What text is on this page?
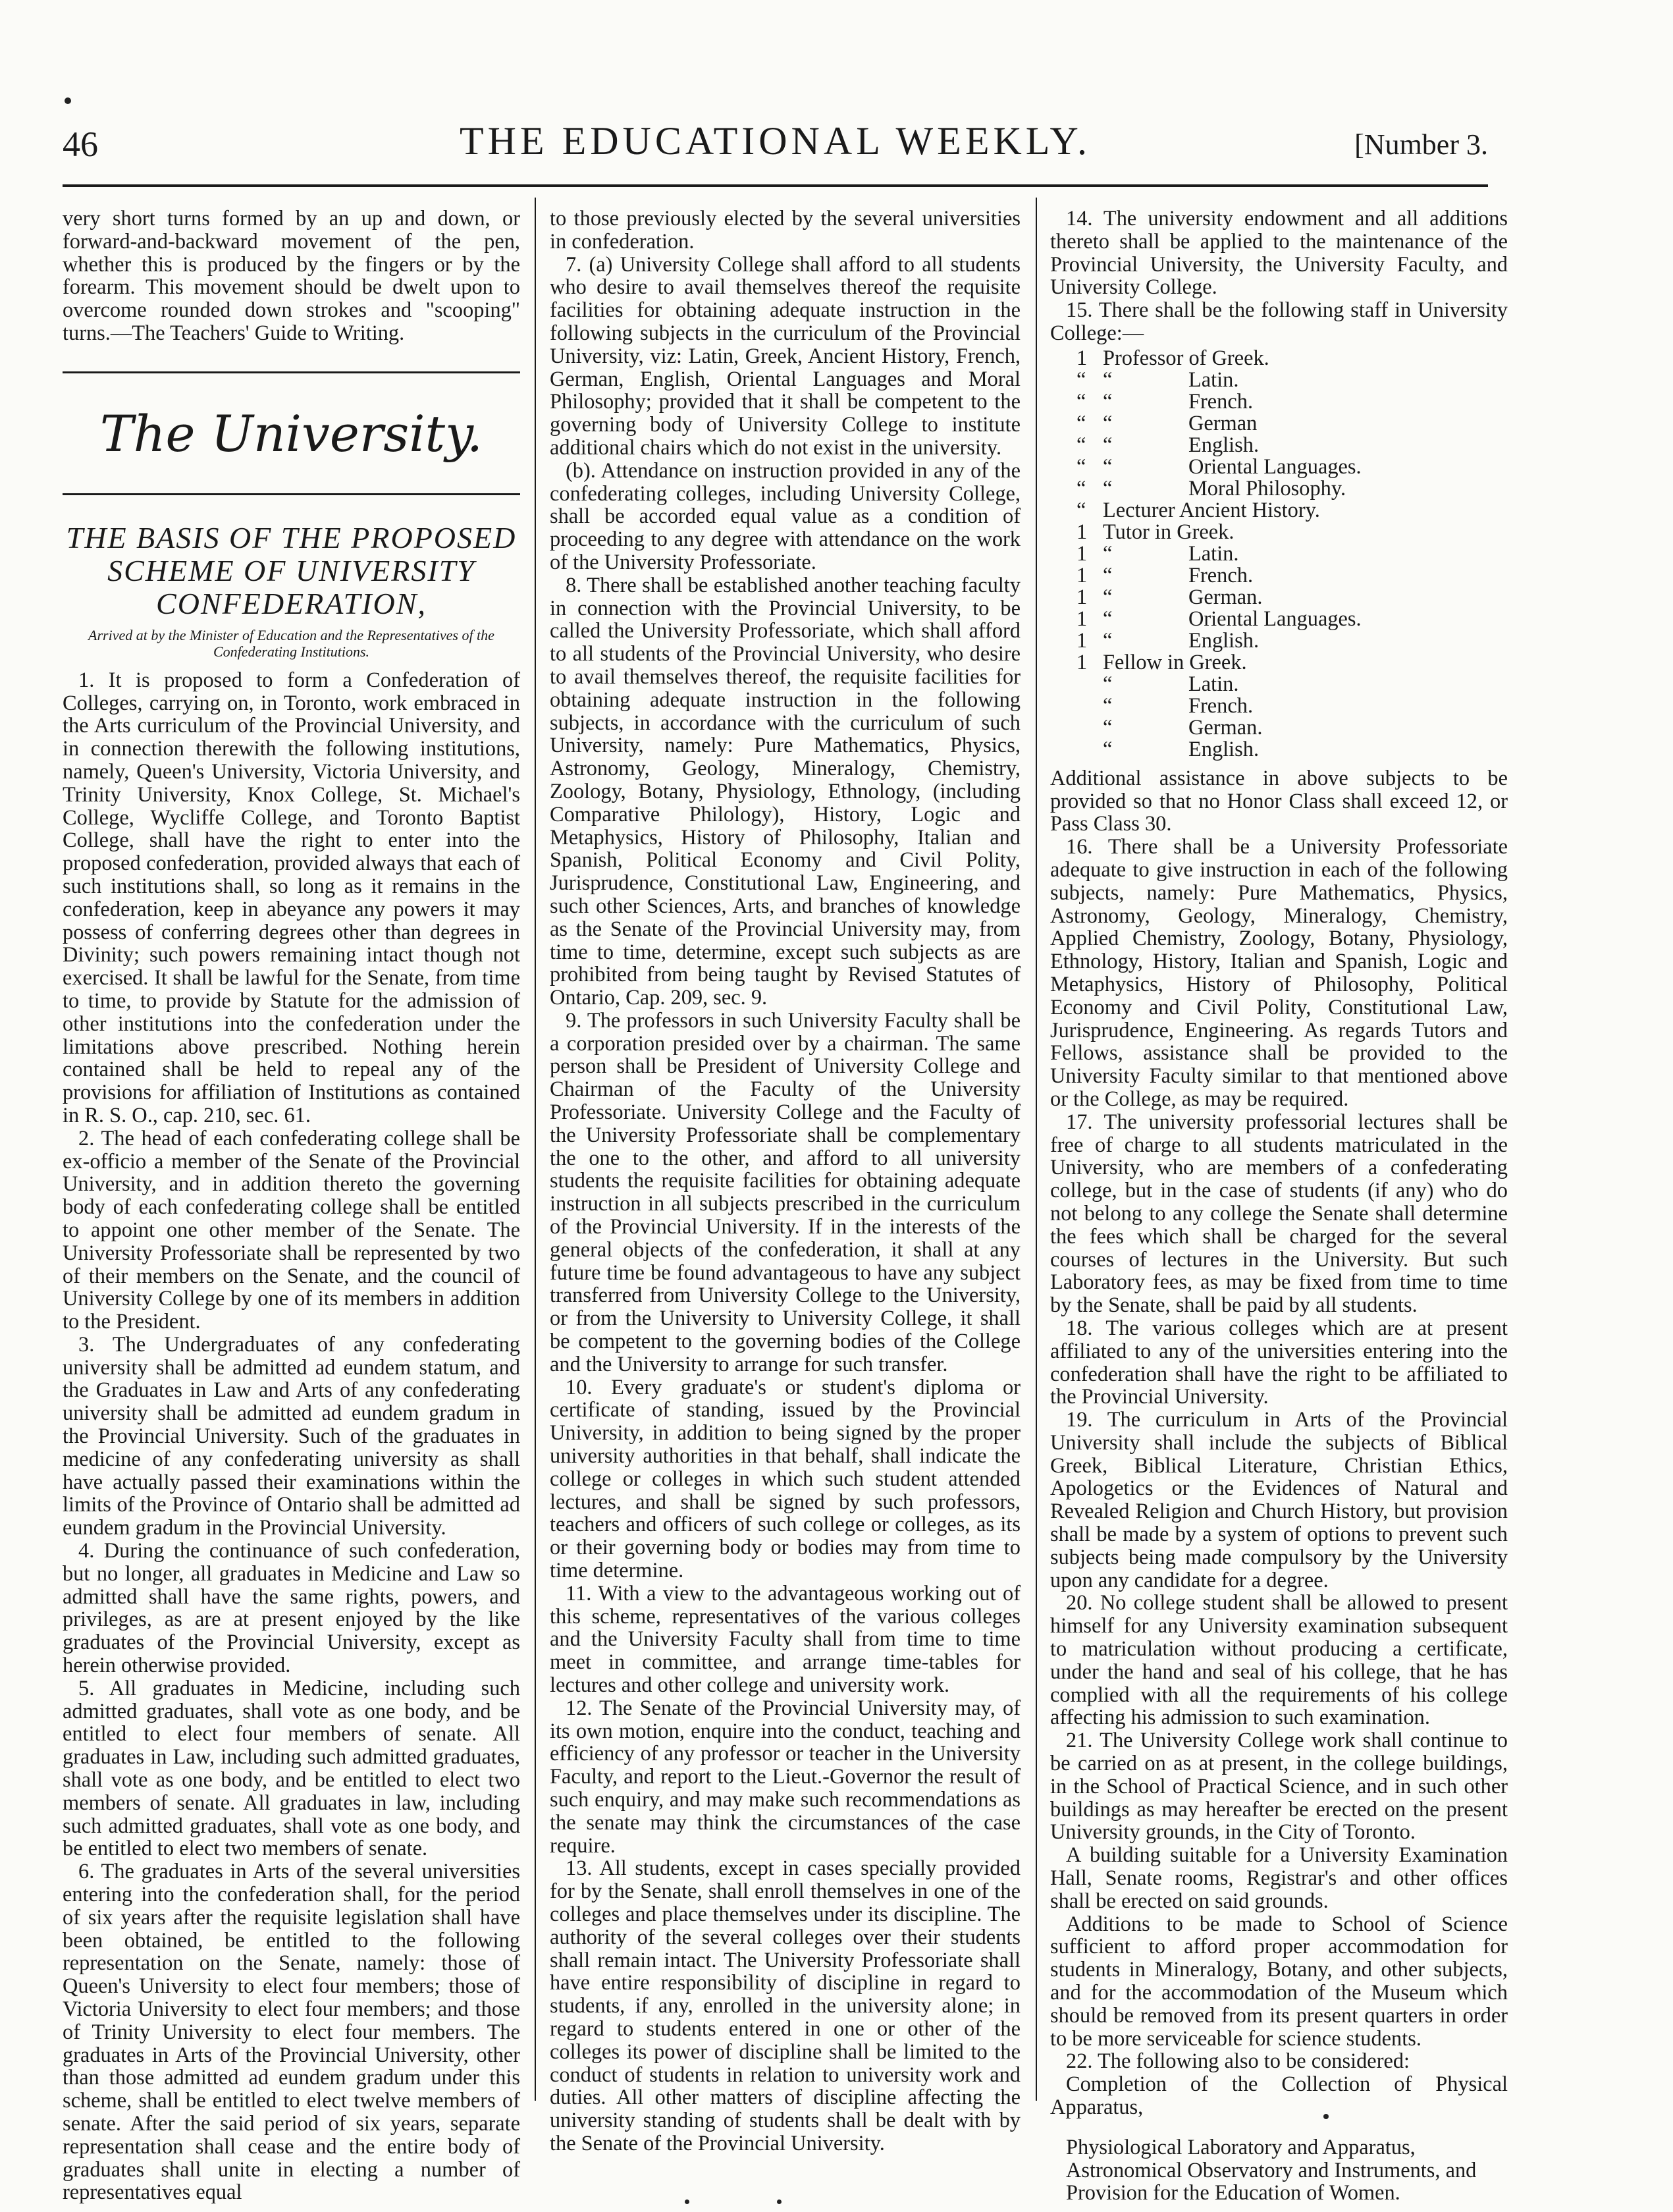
46	THE EDUCATIONAL WEEKLY.	[Number 3.

very short turns formed by an up and down, or forward-and-backward movement of the pen, whether this is produced by the fingers or by the forearm. This movement should be dwelt upon to overcome rounded down strokes and "scooping" turns.—The Teachers' Guide to Writing.

The University.
THE BASIS OF THE PROPOSED SCHEME OF UNIVERSITY CONFEDERATION,
Arrived at by the Minister of Education and the Representatives of the Confederating Institutions.

1. It is proposed to form a Confederation of Colleges, carrying on, in Toronto, work embraced in the Arts curriculum of the Provincial University, and in connection therewith the following institutions, namely, Queen's University, Victoria University, and Trinity University, Knox College, St. Michael's College, Wycliffe College, and Toronto Baptist College, shall have the right to enter into the proposed confederation, provided always that each of such institutions shall, so long as it remains in the confederation, keep in abeyance any powers it may possess of conferring degrees other than degrees in Divinity; such powers remaining intact though not exercised. It shall be lawful for the Senate, from time to time, to provide by Statute for the admission of other institutions into the confederation under the limitations above prescribed. Nothing herein contained shall be held to repeal any of the provisions for affiliation of Institutions as contained in R. S. O., cap. 210, sec. 61.

2. The head of each confederating college shall be ex-officio a member of the Senate of the Provincial University, and in addition thereto the governing body of each confederating college shall be entitled to appoint one other member of the Senate. The University Professoriate shall be represented by two of their members on the Senate, and the council of University College by one of its members in addition to the President.

3. The Undergraduates of any confederating university shall be admitted ad eundem statum, and the Graduates in Law and Arts of any confederating university shall be admitted ad eundem gradum in the Provincial University. Such of the graduates in medicine of any confederating university as shall have actually passed their examinations within the limits of the Province of Ontario shall be admitted ad eundem gradum in the Provincial University.

4. During the continuance of such confederation, but no longer, all graduates in Medicine and Law so admitted shall have the same rights, powers, and privileges, as are at present enjoyed by the like graduates of the Provincial University, except as herein otherwise provided.

5. All graduates in Medicine, including such admitted graduates, shall vote as one body, and be entitled to elect four members of senate. All graduates in Law, including such admitted graduates, shall vote as one body, and be entitled to elect two members of senate. All graduates in law, including such admitted graduates, shall vote as one body, and be entitled to elect two members of senate.

6. The graduates in Arts of the several universities entering into the confederation shall, for the period of six years after the requisite legislation shall have been obtained, be entitled to the following representation on the Senate, namely: those of Queen's University to elect four members; those of Victoria University to elect four members; and those of Trinity University to elect four members. The graduates in Arts of the Provincial University, other than those admitted ad eundem gradum under this scheme, shall be entitled to elect twelve members of senate. After the said period of six years, separate representation shall cease and the entire body of graduates shall unite in electing a number of representatives equal

to those previously elected by the several universities in confederation.

7. (a) University College shall afford to all students who desire to avail themselves thereof the requisite facilities for obtaining adequate instruction in the following subjects in the curriculum of the Provincial University, viz: Latin, Greek, Ancient History, French, German, English, Oriental Languages and Moral Philosophy; provided that it shall be competent to the governing body of University College to institute additional chairs which do not exist in the university.

(b). Attendance on instruction provided in any of the confederating colleges, including University College, shall be accorded equal value as a condition of proceeding to any degree with attendance on the work of the University Professoriate.

8. There shall be established another teaching faculty in connection with the Provincial University, to be called the University Professoriate, which shall afford to all students of the Provincial University, who desire to avail themselves thereof, the requisite facilities for obtaining adequate instruction in the following subjects, in accordance with the curriculum of such University, namely: Pure Mathematics, Physics, Astronomy, Geology, Mineralogy, Chemistry, Zoology, Botany, Physiology, Ethnology, (including Comparative Philology), History, Logic and Metaphysics, History of Philosophy, Italian and Spanish, Political Economy and Civil Polity, Jurisprudence, Constitutional Law, Engineering, and such other Sciences, Arts, and branches of knowledge as the Senate of the Provincial University may, from time to time, determine, except such subjects as are prohibited from being taught by Revised Statutes of Ontario, Cap. 209, sec. 9.

9. The professors in such University Faculty shall be a corporation presided over by a chairman. The same person shall be President of University College and Chairman of the Faculty of the University Professoriate. University College and the Faculty of the University Professoriate shall be complementary the one to the other, and afford to all university students the requisite facilities for obtaining adequate instruction in all subjects prescribed in the curriculum of the Provincial University. If in the interests of the general objects of the confederation, it shall at any future time be found advantageous to have any subject transferred from University College to the University, or from the University to University College, it shall be competent to the governing bodies of the College and the University to arrange for such transfer.

10. Every graduate's or student's diploma or certificate of standing, issued by the Provincial University, in addition to being signed by the proper university authorities in that behalf, shall indicate the college or colleges in which such student attended lectures, and shall be signed by such professors, teachers and officers of such college or colleges, as its or their governing body or bodies may from time to time determine.

11. With a view to the advantageous working out of this scheme, representatives of the various colleges and the University Faculty shall from time to time meet in committee, and arrange time-tables for lectures and other college and university work.

12. The Senate of the Provincial University may, of its own motion, enquire into the conduct, teaching and efficiency of any professor or teacher in the University Faculty, and report to the Lieut.-Governor the result of such enquiry, and may make such recommendations as the senate may think the circumstances of the case require.

13. All students, except in cases specially provided for by the Senate, shall enroll themselves in one of the colleges and place themselves under its discipline. The authority of the several colleges over their students shall remain intact. The University Professoriate shall have entire responsibility of discipline in regard to students, if any, enrolled in the university alone; in regard to students entered in one or other of the colleges its power of discipline shall be limited to the conduct of students in relation to university work and duties. All other matters of discipline affecting the university standing of students shall be dealt with by the Senate of the Provincial University.

14. The university endowment and all additions thereto shall be applied to the maintenance of the Provincial University, the University Faculty, and University College.

15. There shall be the following staff in University College:—

1 Professor of Greek.
“ “	Latin.
“ “	French.
“ “	German
“ “	English.
“ “	Oriental Languages.
“ “	Moral Philosophy.
“ Lecturer Ancient History.
1 Tutor in Greek.
1 “	Latin.
1 “	French.
1 “	German.
1 “	Oriental Languages.
1 “	English.
1 Fellow in Greek.
“	Latin.
“	French.
“	German.
“	English.

Additional assistance in above subjects to be provided so that no Honor Class shall exceed 12, or Pass Class 30.

16. There shall be a University Professoriate adequate to give instruction in each of the following subjects, namely: Pure Mathematics, Physics, Astronomy, Geology, Mineralogy, Chemistry, Applied Chemistry, Zoology, Botany, Physiology, Ethnology, History, Italian and Spanish, Logic and Metaphysics, History of Philosophy, Political Economy and Civil Polity, Constitutional Law, Jurisprudence, Engineering. As regards Tutors and Fellows, assistance shall be provided to the University Faculty similar to that mentioned above or the College, as may be required.

17. The university professorial lectures shall be free of charge to all students matriculated in the University, who are members of a confederating college, but in the case of students (if any) who do not belong to any college the Senate shall determine the fees which shall be charged for the several courses of lectures in the University. But such Laboratory fees, as may be fixed from time to time by the Senate, shall be paid by all students.

18. The various colleges which are at present affiliated to any of the universities entering into the confederation shall have the right to be affiliated to the Provincial University.

19. The curriculum in Arts of the Provincial University shall include the subjects of Biblical Greek, Biblical Literature, Christian Ethics, Apologetics or the Evidences of Natural and Revealed Religion and Church History, but provision shall be made by a system of options to prevent such subjects being made compulsory by the University upon any candidate for a degree.

20. No college student shall be allowed to present himself for any University examination subsequent to matriculation without producing a certificate, under the hand and seal of his college, that he has complied with all the requirements of his college affecting his admission to such examination.

21. The University College work shall continue to be carried on as at present, in the college buildings, in the School of Practical Science, and in such other buildings as may hereafter be erected on the present University grounds, in the City of Toronto.

A building suitable for a University Examination Hall, Senate rooms, Registrar's and other offices shall be erected on said grounds.

Additions to be made to School of Science sufficient to afford proper accommodation for students in Mineralogy, Botany, and other subjects, and for the accommodation of the Museum which should be removed from its present quarters in order to be more serviceable for science students.

22. The following also to be considered:

Completion of the Collection of Physical Apparatus,

Physiological Laboratory and Apparatus,

Astronomical Observatory and Instruments, and

Provision for the Education of Women.
